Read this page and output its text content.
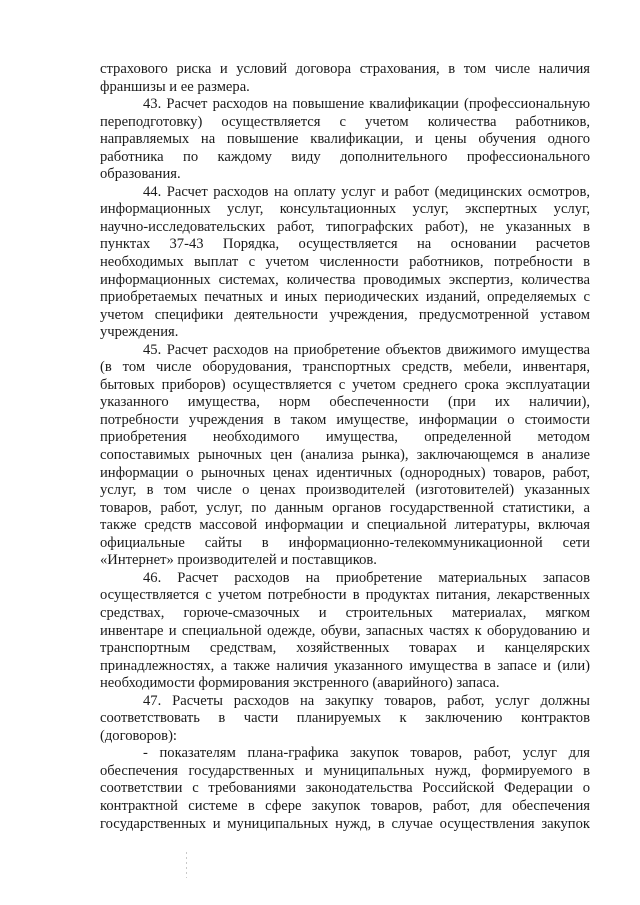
страхового риска и условий договора страхования, в том числе наличия
франшизы и ее размера.
43. Расчет расходов на повышение квалификации (профессиональную
переподготовку) осуществляется с учетом количества работников,
направляемых на повышение квалификации, и цены обучения одного
работника по каждому виду дополнительного профессионального
образования.
44. Расчет расходов на оплату услуг и работ (медицинских осмотров,
информационных услуг, консультационных услуг, экспертных услуг,
научно-исследовательских работ, типографских работ), не указанных в
пунктах 37-43 Порядка, осуществляется на основании расчетов
необходимых выплат с учетом численности работников, потребности в
информационных системах, количества проводимых экспертиз, количества
приобретаемых печатных и иных периодических изданий, определяемых с
учетом специфики деятельности учреждения, предусмотренной уставом
учреждения.
45. Расчет расходов на приобретение объектов движимого имущества
(в том числе оборудования, транспортных средств, мебели, инвентаря,
бытовых приборов) осуществляется с учетом среднего срока эксплуатации
указанного имущества, норм обеспеченности (при их наличии),
потребности учреждения в таком имуществе, информации о стоимости
приобретения необходимого имущества, определенной методом
сопоставимых рыночных цен (анализа рынка), заключающемся в анализе
информации о рыночных ценах идентичных (однородных) товаров, работ,
услуг, в том числе о ценах производителей (изготовителей) указанных
товаров, работ, услуг, по данным органов государственной статистики, а
также средств массовой информации и специальной литературы, включая
официальные сайты в информационно-телекоммуникационной сети
«Интернет» производителей и поставщиков.
46. Расчет расходов на приобретение материальных запасов
осуществляется с учетом потребности в продуктах питания, лекарственных
средствах, горюче-смазочных и строительных материалах, мягком
инвентаре и специальной одежде, обуви, запасных частях к оборудованию и
транспортным средствам, хозяйственных товарах и канцелярских
принадлежностях, а также наличия указанного имущества в запасе и (или)
необходимости формирования экстренного (аварийного) запаса.
47. Расчеты расходов на закупку товаров, работ, услуг должны
соответствовать в части планируемых к заключению контрактов
(договоров):
- показателям плана-графика закупок товаров, работ, услуг для
обеспечения государственных и муниципальных нужд, формируемого в
соответствии с требованиями законодательства Российской Федерации о
контрактной системе в сфере закупок товаров, работ, для обеспечения
государственных и муниципальных нужд, в случае осуществления закупок
